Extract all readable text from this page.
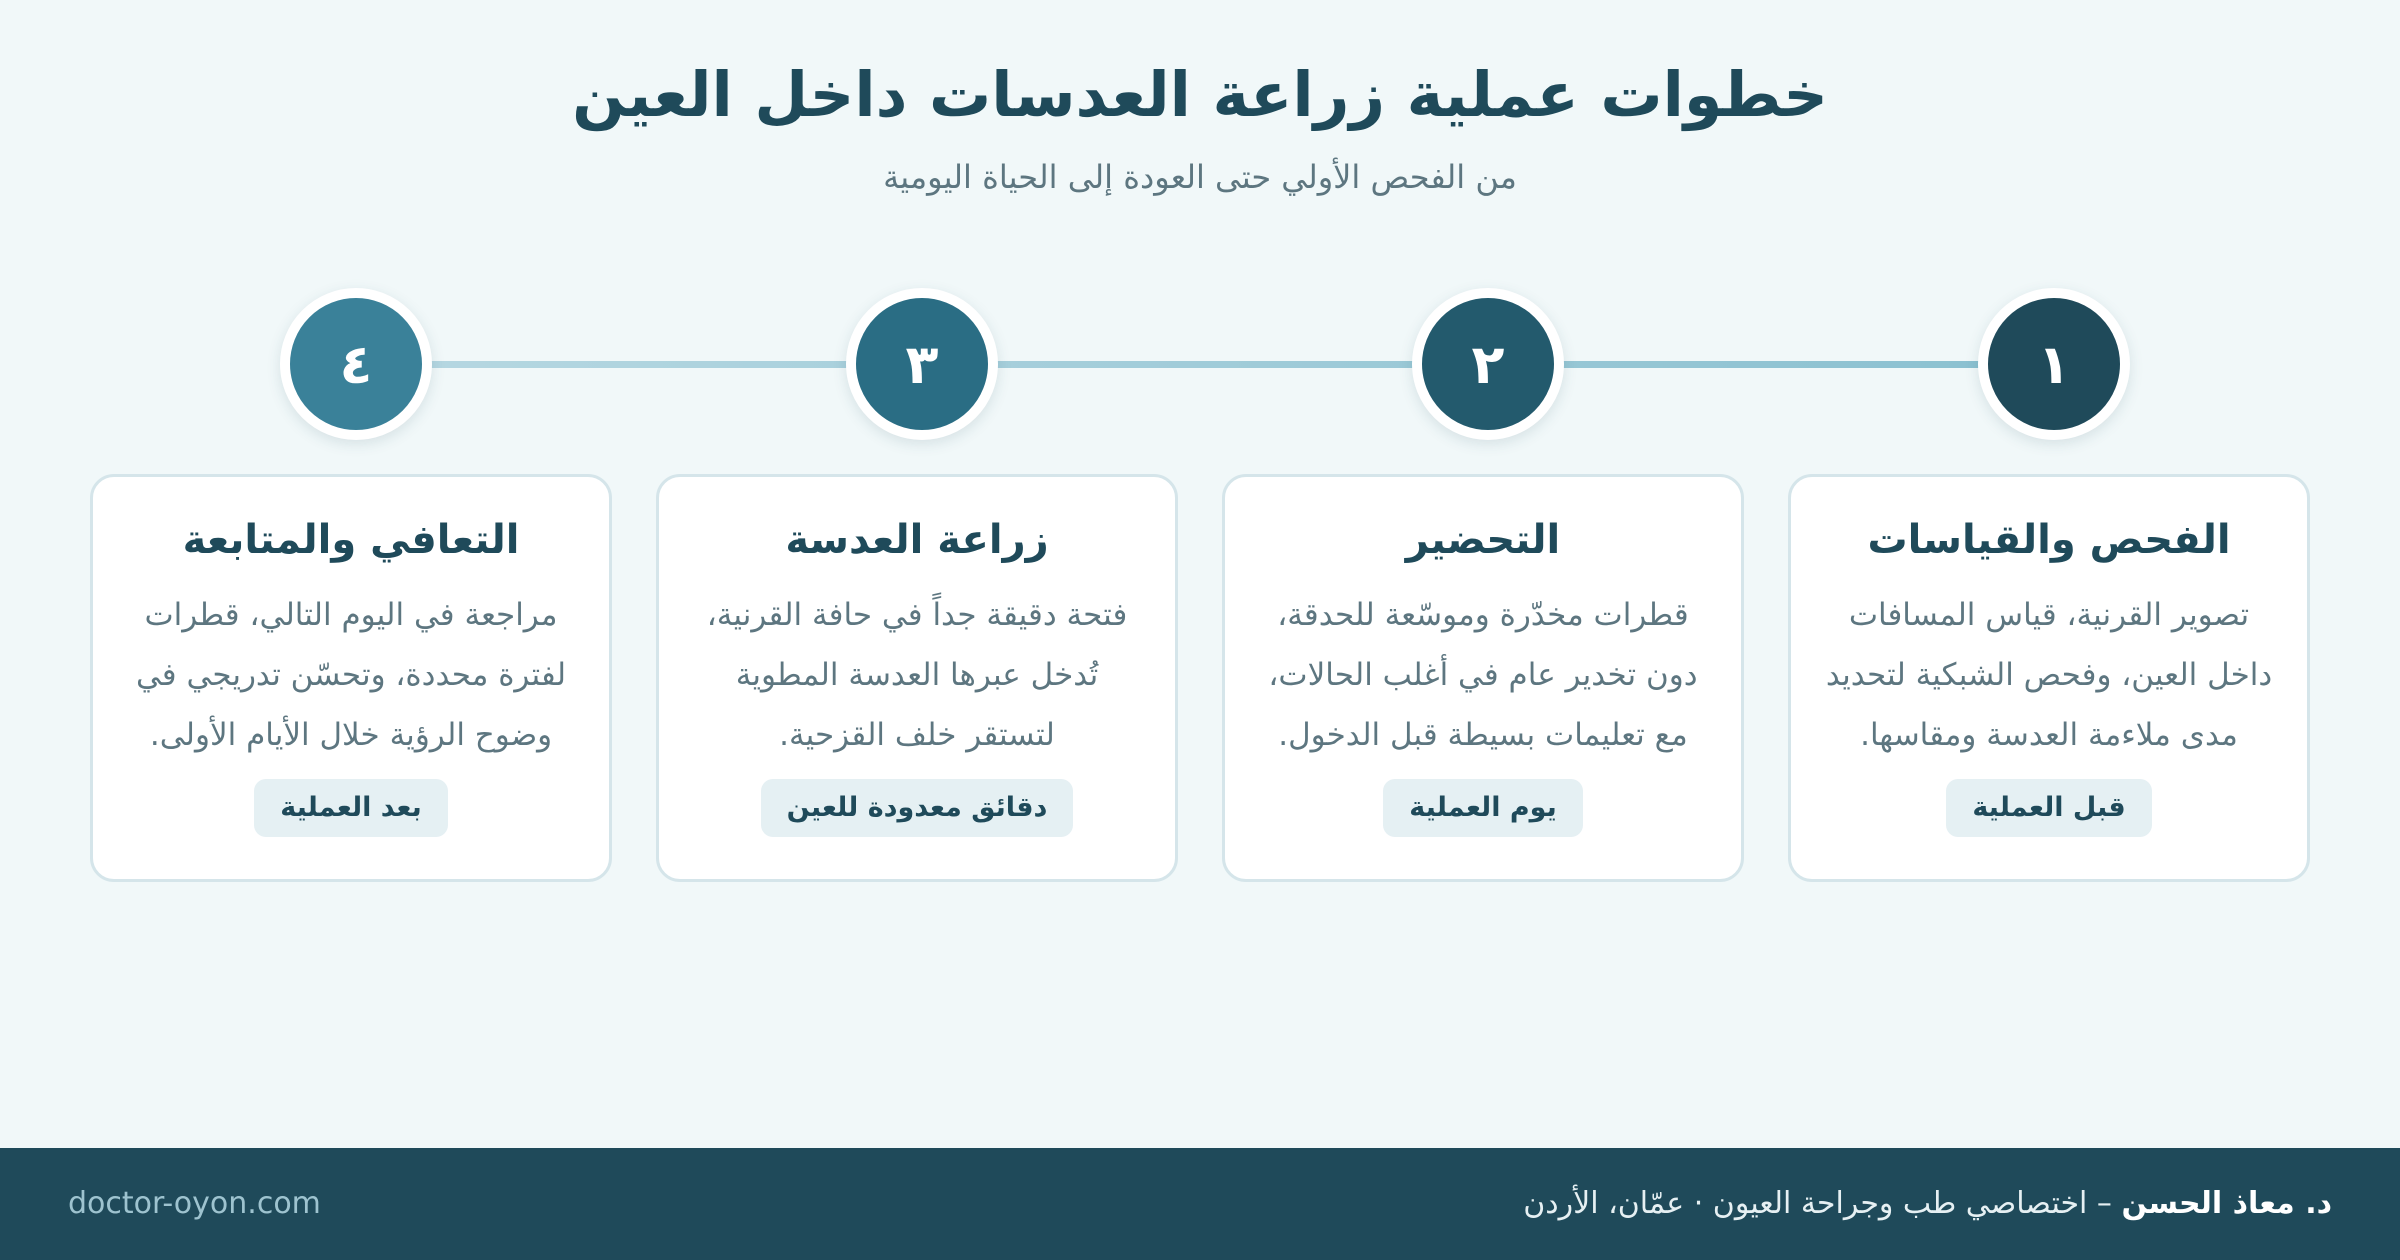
خطوات عملية زراعة العدسات داخل العين

من الفحص الأولي حتى العودة إلى الحياة اليومية

١
٢
٣
٤
الفحص والقياسات

تصوير القرنية، قياس المسافات داخل العين، وفحص الشبكية لتحديد مدى ملاءمة العدسة ومقاسها.

قبل العملية
التحضير

قطرات مخدّرة وموسّعة للحدقة، دون تخدير عام في أغلب الحالات، مع تعليمات بسيطة قبل الدخول.

يوم العملية
زراعة العدسة

فتحة دقيقة جداً في حافة القرنية، تُدخل عبرها العدسة المطوية لتستقر خلف القزحية.

دقائق معدودة للعين
التعافي والمتابعة

مراجعة في اليوم التالي، قطرات لفترة محددة، وتحسّن تدريجي في وضوح الرؤية خلال الأيام الأولى.

بعد العملية
د. معاذ الحسن – اختصاصي طب وجراحة العيون · عمّان، الأردن
doctor-oyon.com
